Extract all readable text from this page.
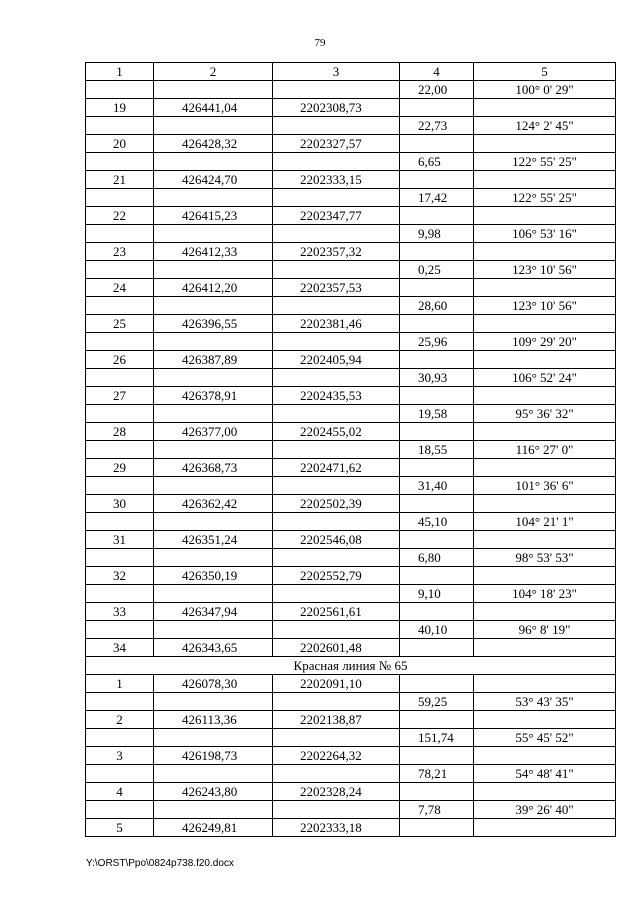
79
1	2	3	4	5
			22,00	100° 0' 29"
19	426441,04	2202308,73		
			22,73	124° 2' 45"
20	426428,32	2202327,57		
			6,65	122° 55' 25"
21	426424,70	2202333,15		
			17,42	122° 55' 25"
22	426415,23	2202347,77		
			9,98	106° 53' 16"
23	426412,33	2202357,32		
			0,25	123° 10' 56"
24	426412,20	2202357,53		
			28,60	123° 10' 56"
25	426396,55	2202381,46		
			25,96	109° 29' 20"
26	426387,89	2202405,94		
			30,93	106° 52' 24"
27	426378,91	2202435,53		
			19,58	95° 36' 32"
28	426377,00	2202455,02		
			18,55	116° 27' 0"
29	426368,73	2202471,62		
			31,40	101° 36' 6"
30	426362,42	2202502,39		
			45,10	104° 21' 1"
31	426351,24	2202546,08		
			6,80	98° 53' 53"
32	426350,19	2202552,79		
			9,10	104° 18' 23"
33	426347,94	2202561,61		
			40,10	96° 8' 19"
34	426343,65	2202601,48		
Красная линия № 65				
1	426078,30	2202091,10		
			59,25	53° 43' 35"
2	426113,36	2202138,87		
			151,74	55° 45' 52"
3	426198,73	2202264,32		
			78,21	54° 48' 41"
4	426243,80	2202328,24		
			7,78	39° 26' 40"
5	426249,81	2202333,18		
Y:\ORST\Ppo\0824p738.f20.docx
